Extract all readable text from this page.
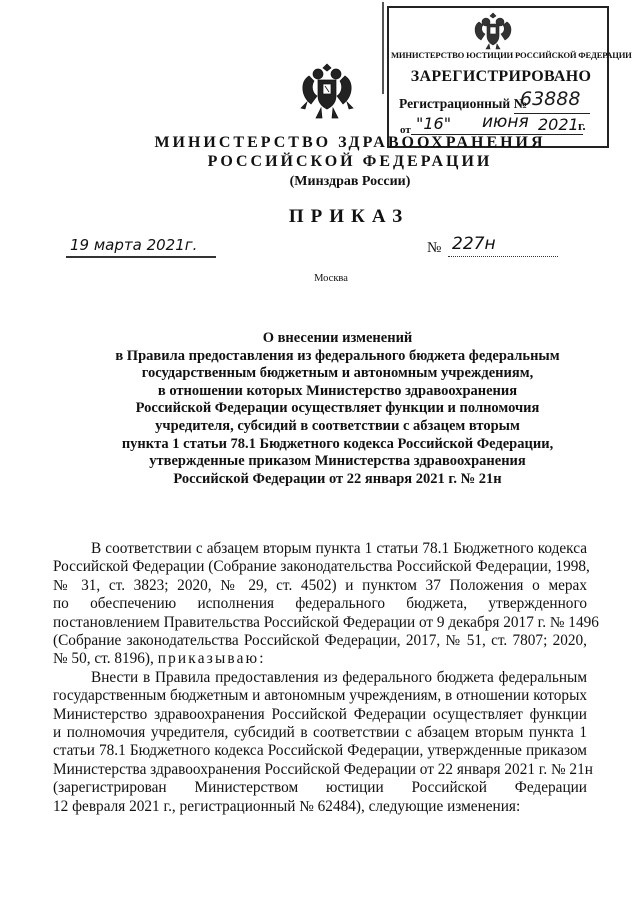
МИНИСТЕРСТВО ЮСТИЦИИ РОССИЙСКОЙ ФЕДЕРАЦИИ
ЗАРЕГИСТРИРОВАНО
Регистрационный №
63888
от "16" июня 2021 г.
МИНИСТЕРСТВО ЗДРАВООХРАНЕНИЯ
РОССИЙСКОЙ ФЕДЕРАЦИИ
(Минздрав России)
ПРИКАЗ
19 марта 2021г.	№ 227н
Москва
О внесении изменений
в Правила предоставления из федерального бюджета федеральным
государственным бюджетным и автономным учреждениям,
в отношении которых Министерство здравоохранения
Российской Федерации осуществляет функции и полномочия
учредителя, субсидий в соответствии с абзацем вторым
пункта 1 статьи 78.1 Бюджетного кодекса Российской Федерации,
утвержденные приказом Министерства здравоохранения
Российской Федерации от 22 января 2021 г. № 21н
В соответствии с абзацем вторым пункта 1 статьи 78.1 Бюджетного кодекса
Российской Федерации (Собрание законодательства Российской Федерации, 1998,
№ 31, ст. 3823; 2020, № 29, ст. 4502) и пунктом 37 Положения о мерах
по обеспечению исполнения федерального бюджета, утвержденного
постановлением Правительства Российской Федерации от 9 декабря 2017 г. № 1496
(Собрание законодательства Российской Федерации, 2017, № 51, ст. 7807; 2020,
№ 50, ст. 8196), приказываю:
Внести в Правила предоставления из федерального бюджета федеральным
государственным бюджетным и автономным учреждениям, в отношении которых
Министерство здравоохранения Российской Федерации осуществляет функции
и полномочия учредителя, субсидий в соответствии с абзацем вторым пункта 1
статьи 78.1 Бюджетного кодекса Российской Федерации, утвержденные приказом
Министерства здравоохранения Российской Федерации от 22 января 2021 г. № 21н
(зарегистрирован Министерством юстиции Российской Федерации
12 февраля 2021 г., регистрационный № 62484), следующие изменения:
